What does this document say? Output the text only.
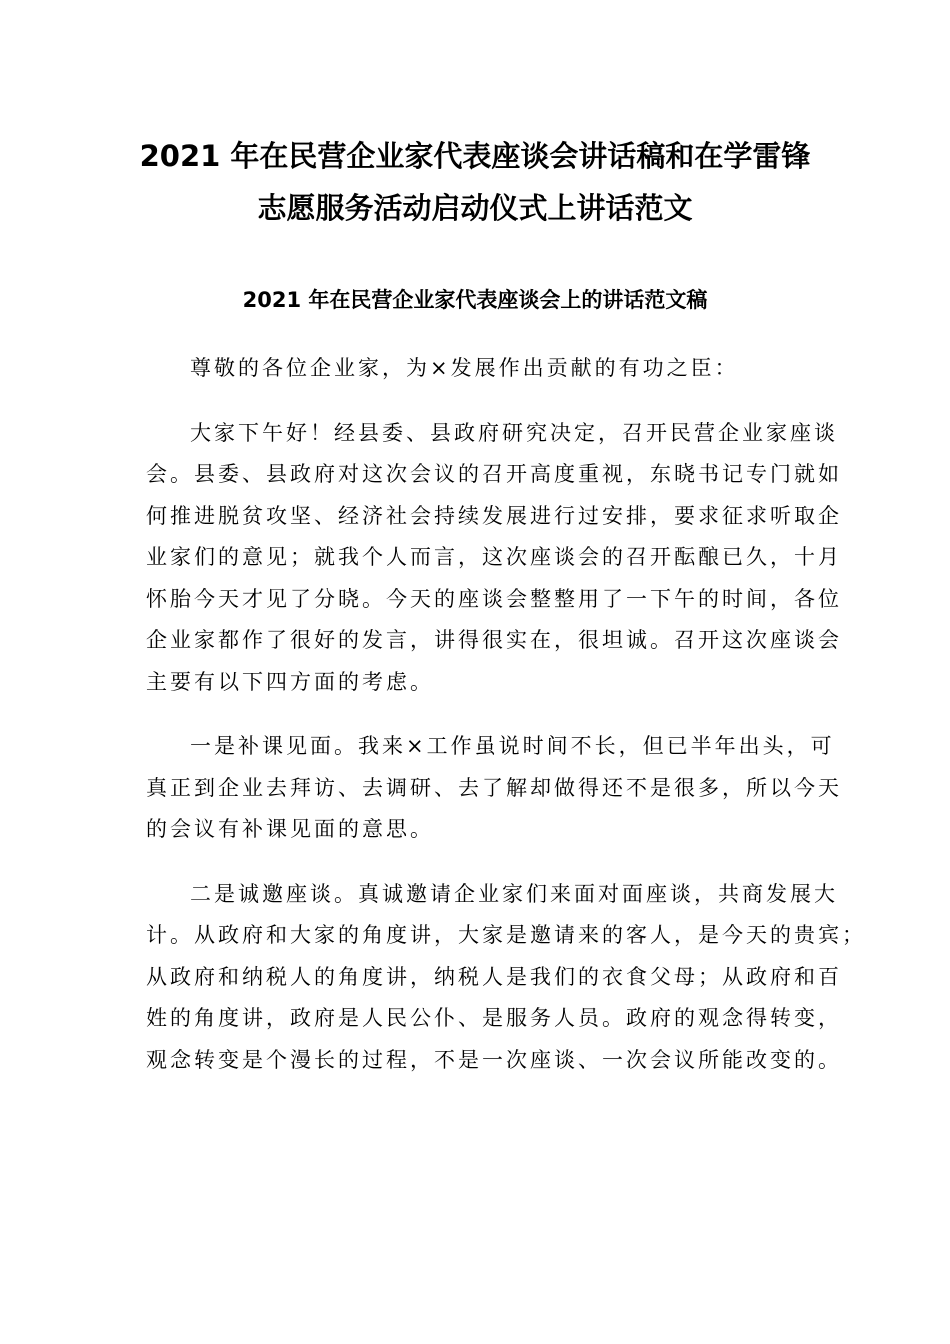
2021 年在民营企业家代表座谈会讲话稿和在学雷锋
志愿服务活动启动仪式上讲话范文
2021 年在民营企业家代表座谈会上的讲话范文稿

尊敬的各位企业家，为×发展作出贡献的有功之臣：

大家下午好！经县委、县政府研究决定，召开民营企业家座谈
会。县委、县政府对这次会议的召开高度重视，东晓书记专门就如
何推进脱贫攻坚、经济社会持续发展进行过安排，要求征求听取企
业家们的意见；就我个人而言，这次座谈会的召开酝酿已久，十月
怀胎今天才见了分晓。今天的座谈会整整用了一下午的时间，各位
企业家都作了很好的发言，讲得很实在，很坦诚。召开这次座谈会
主要有以下四方面的考虑。

一是补课见面。我来×工作虽说时间不长，但已半年出头，可
真正到企业去拜访、去调研、去了解却做得还不是很多，所以今天
的会议有补课见面的意思。

二是诚邀座谈。真诚邀请企业家们来面对面座谈，共商发展大
计。从政府和大家的角度讲，大家是邀请来的客人，是今天的贵宾；
从政府和纳税人的角度讲，纳税人是我们的衣食父母；从政府和百
姓的角度讲，政府是人民公仆、是服务人员。政府的观念得转变，
观念转变是个漫长的过程，不是一次座谈、一次会议所能改变的。
